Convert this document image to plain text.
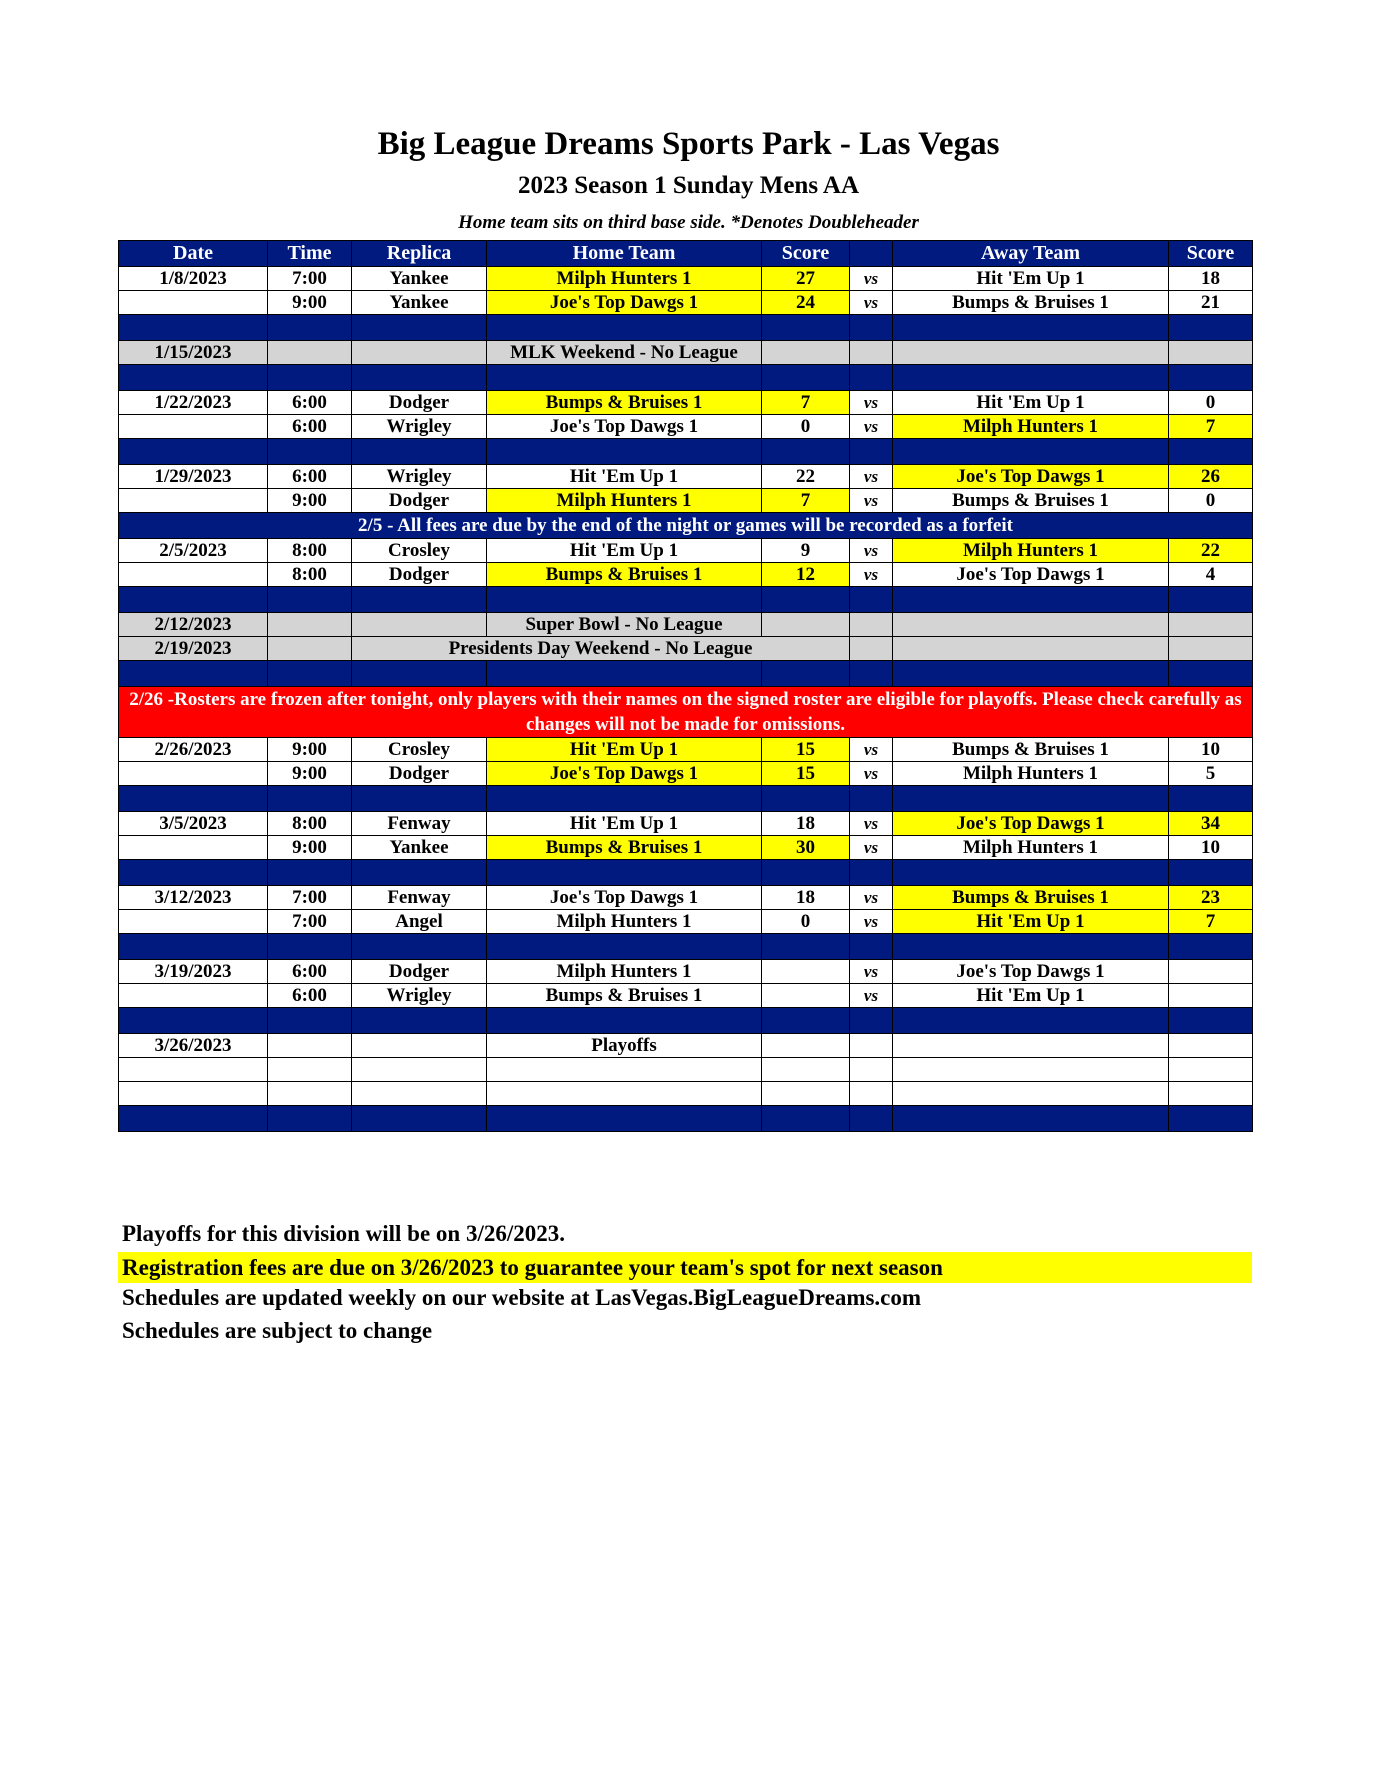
Big League Dreams Sports Park - Las Vegas
2023 Season 1 Sunday Mens AA
Home team sits on third base side. *Denotes Doubleheader
Date	Time	Replica	Home Team	Score		Away Team	Score
1/8/2023	7:00	Yankee	Milph Hunters 1	27	vs	Hit 'Em Up 1	18
	9:00	Yankee	Joe's Top Dawgs 1	24	vs	Bumps & Bruises 1	21

1/15/2023			MLK Weekend - No League				

1/22/2023	6:00	Dodger	Bumps & Bruises 1	7	vs	Hit 'Em Up 1	0
	6:00	Wrigley	Joe's Top Dawgs 1	0	vs	Milph Hunters 1	7

1/29/2023	6:00	Wrigley	Hit 'Em Up 1	22	vs	Joe's Top Dawgs 1	26
	9:00	Dodger	Milph Hunters 1	7	vs	Bumps & Bruises 1	0
2/5 - All fees are due by the end of the night or games will be recorded as a forfeit							
2/5/2023	8:00	Crosley	Hit 'Em Up 1	9	vs	Milph Hunters 1	22
	8:00	Dodger	Bumps & Bruises 1	12	vs	Joe's Top Dawgs 1	4

2/12/2023			Super Bowl - No League				
2/19/2023		Presidents Day Weekend - No League					

2/26 -Rosters are frozen after tonight, only players with their names on the signed roster are eligible for playoffs. Please check carefully as changes will not be made for omissions.							
2/26/2023	9:00	Crosley	Hit 'Em Up 1	15	vs	Bumps & Bruises 1	10
	9:00	Dodger	Joe's Top Dawgs 1	15	vs	Milph Hunters 1	5

3/5/2023	8:00	Fenway	Hit 'Em Up 1	18	vs	Joe's Top Dawgs 1	34
	9:00	Yankee	Bumps & Bruises 1	30	vs	Milph Hunters 1	10

3/12/2023	7:00	Fenway	Joe's Top Dawgs 1	18	vs	Bumps & Bruises 1	23
	7:00	Angel	Milph Hunters 1	0	vs	Hit 'Em Up 1	7

3/19/2023	6:00	Dodger	Milph Hunters 1		vs	Joe's Top Dawgs 1	
	6:00	Wrigley	Bumps & Bruises 1		vs	Hit 'Em Up 1	

3/26/2023			Playoffs				

Playoffs for this division will be on 3/26/2023.
Registration fees are due on 3/26/2023 to guarantee your team's spot for next season
Schedules are updated weekly on our website at LasVegas.BigLeagueDreams.com
Schedules are subject to change
